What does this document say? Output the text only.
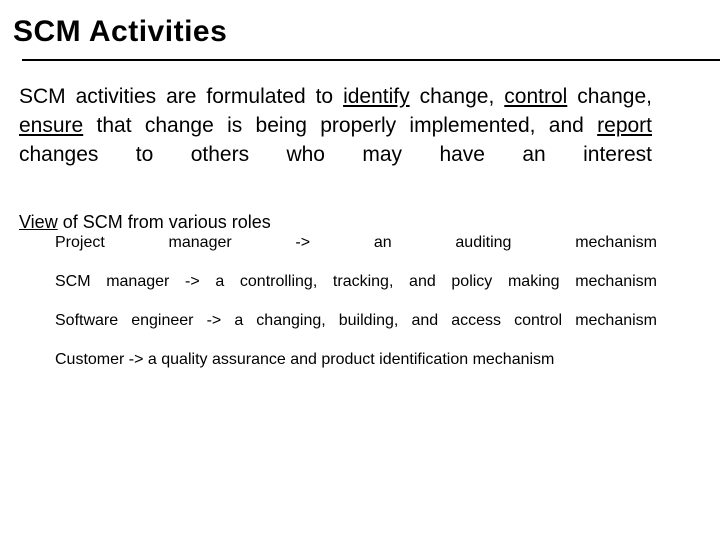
SCM Activities

SCM activities are formulated to identify change, control change, ensure that change is being properly implemented, and report changes to others who may have an interest

View of SCM from various roles

Project manager -> an auditing mechanism
SCM manager -> a controlling, tracking, and policy making mechanism
Software engineer -> a changing, building, and access control mechanism
Customer -> a quality assurance and product identification mechanism
